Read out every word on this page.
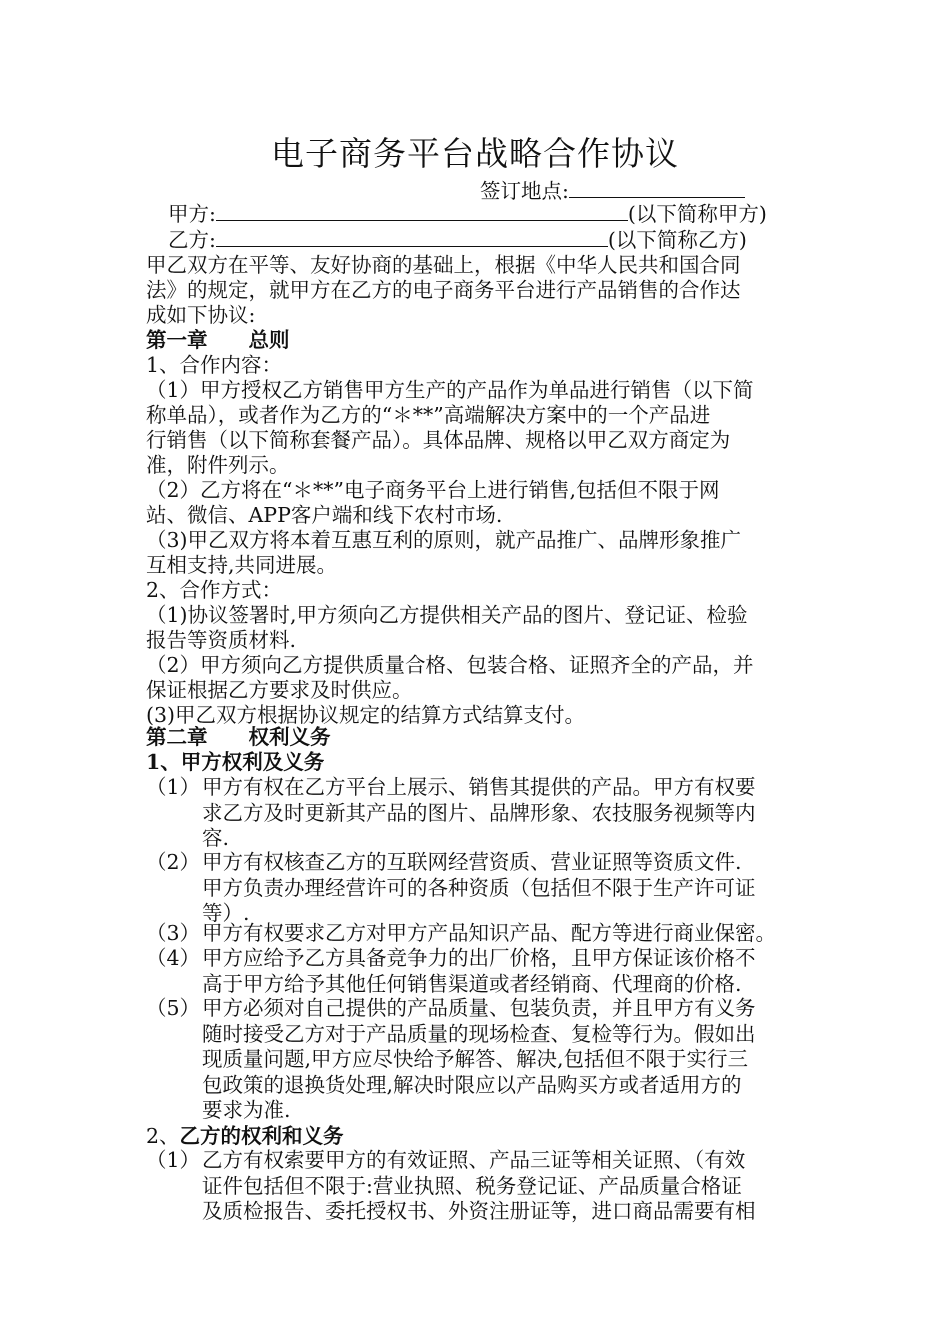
电子商务平台战略合作协议
签订地点:
甲方:	(以下简称甲方)
乙方:	(以下简称乙方)
甲乙双方在平等、友好协商的基础上，根据《中华人民共和国合同
法》的规定，就甲方在乙方的电子商务平台进行产品销售的合作达
成如下协议:
第一章　　总则
1、合作内容：
（1）甲方授权乙方销售甲方生产的产品作为单品进行销售（以下简
称单品），或者作为乙方的“＊**”高端解决方案中的一个产品进
行销售（以下简称套餐产品）。具体品牌、规格以甲乙双方商定为
准，附件列示。
（2）乙方将在“＊**”电子商务平台上进行销售,包括但不限于网
站、微信、APP客户端和线下农村市场.
（3)甲乙双方将本着互惠互利的原则，就产品推广、品牌形象推广
互相支持,共同进展。
2、合作方式：
（1)协议签署时,甲方须向乙方提供相关产品的图片、登记证、检验
报告等资质材料.
（2）甲方须向乙方提供质量合格、包装合格、证照齐全的产品，并
保证根据乙方要求及时供应。
(3)甲乙双方根据协议规定的结算方式结算支付。
第二章　　权利义务
1、甲方权利及义务
（1） 甲方有权在乙方平台上展示、销售其提供的产品。甲方有权要
求乙方及时更新其产品的图片、品牌形象、农技服务视频等内
容.
（2） 甲方有权核查乙方的互联网经营资质、营业证照等资质文件.
甲方负责办理经营许可的各种资质（包括但不限于生产许可证
等）.
（3） 甲方有权要求乙方对甲方产品知识产品、配方等进行商业保密。
（4） 甲方应给予乙方具备竞争力的出厂价格，且甲方保证该价格不
高于甲方给予其他任何销售渠道或者经销商、代理商的价格.
（5） 甲方必须对自己提供的产品质量、包装负责，并且甲方有义务
随时接受乙方对于产品质量的现场检查、复检等行为。假如出
现质量问题,甲方应尽快给予解答、解决,包括但不限于实行三
包政策的退换货处理,解决时限应以产品购买方或者适用方的
要求为准.
2、乙方的权利和义务
（1） 乙方有权索要甲方的有效证照、产品三证等相关证照、（有效
证件包括但不限于:营业执照、税务登记证、产品质量合格证
及质检报告、委托授权书、外资注册证等，进口商品需要有相
